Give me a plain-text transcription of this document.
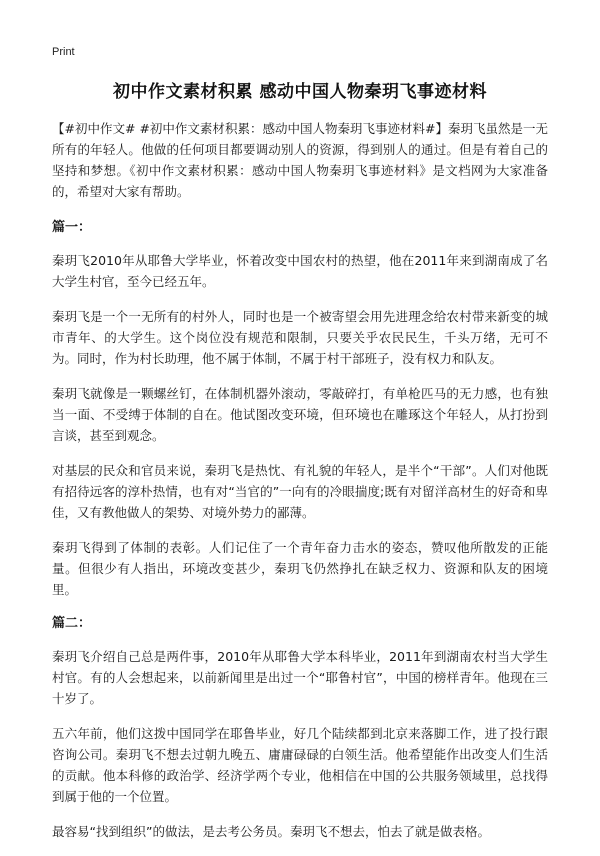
Print
初中作文素材积累 感动中国人物秦玥飞事迹材料

【#初中作文# #初中作文素材积累：感动中国人物秦玥飞事迹材料#】秦玥飞虽然是一无所有的年轻人。他做的任何项目都要调动别人的资源，得到别人的通过。但是有着自己的坚持和梦想。《初中作文素材积累：感动中国人物秦玥飞事迹材料》是文档网为大家准备的，希望对大家有帮助。

篇一：

秦玥飞2010年从耶鲁大学毕业，怀着改变中国农村的热望，他在2011年来到湖南成了名大学生村官，至今已经五年。

秦玥飞是一个一无所有的村外人，同时也是一个被寄望会用先进理念给农村带来新变的城市青年、的大学生。这个岗位没有规范和限制，只要关乎农民民生，千头万绪，无可不为。同时，作为村长助理，他不属于体制，不属于村干部班子，没有权力和队友。

秦玥飞就像是一颗螺丝钉，在体制机器外滚动，零敲碎打，有单枪匹马的无力感，也有独当一面、不受缚于体制的自在。他试图改变环境，但环境也在雕琢这个年轻人，从打扮到言谈，甚至到观念。

对基层的民众和官员来说，秦玥飞是热忱、有礼貌的年轻人，是半个“干部”。人们对他既有招待远客的淳朴热情，也有对“当官的”一向有的冷眼揣度;既有对留洋高材生的好奇和卑佳，又有教他做人的架势、对境外势力的鄙薄。

秦玥飞得到了体制的表彰。人们记住了一个青年奋力击水的姿态，赞叹他所散发的正能量。但很少有人指出，环境改变甚少，秦玥飞仍然挣扎在缺乏权力、资源和队友的困境里。

篇二：

秦玥飞介绍自己总是两件事，2010年从耶鲁大学本科毕业，2011年到湖南农村当大学生村官。有的人会想起来，以前新闻里是出过一个“耶鲁村官”，中国的榜样青年。他现在三十岁了。

五六年前，他们这拨中国同学在耶鲁毕业，好几个陆续都到北京来落脚工作，进了投行跟咨询公司。秦玥飞不想去过朝九晚五、庸庸碌碌的白领生活。他希望能作出改变人们生活的贡献。他本科修的政治学、经济学两个专业，他相信在中国的公共服务领域里，总找得到属于他的一个位置。

最容易“找到组织”的做法，是去考公务员。秦玥飞不想去，怕去了就是做表格。
